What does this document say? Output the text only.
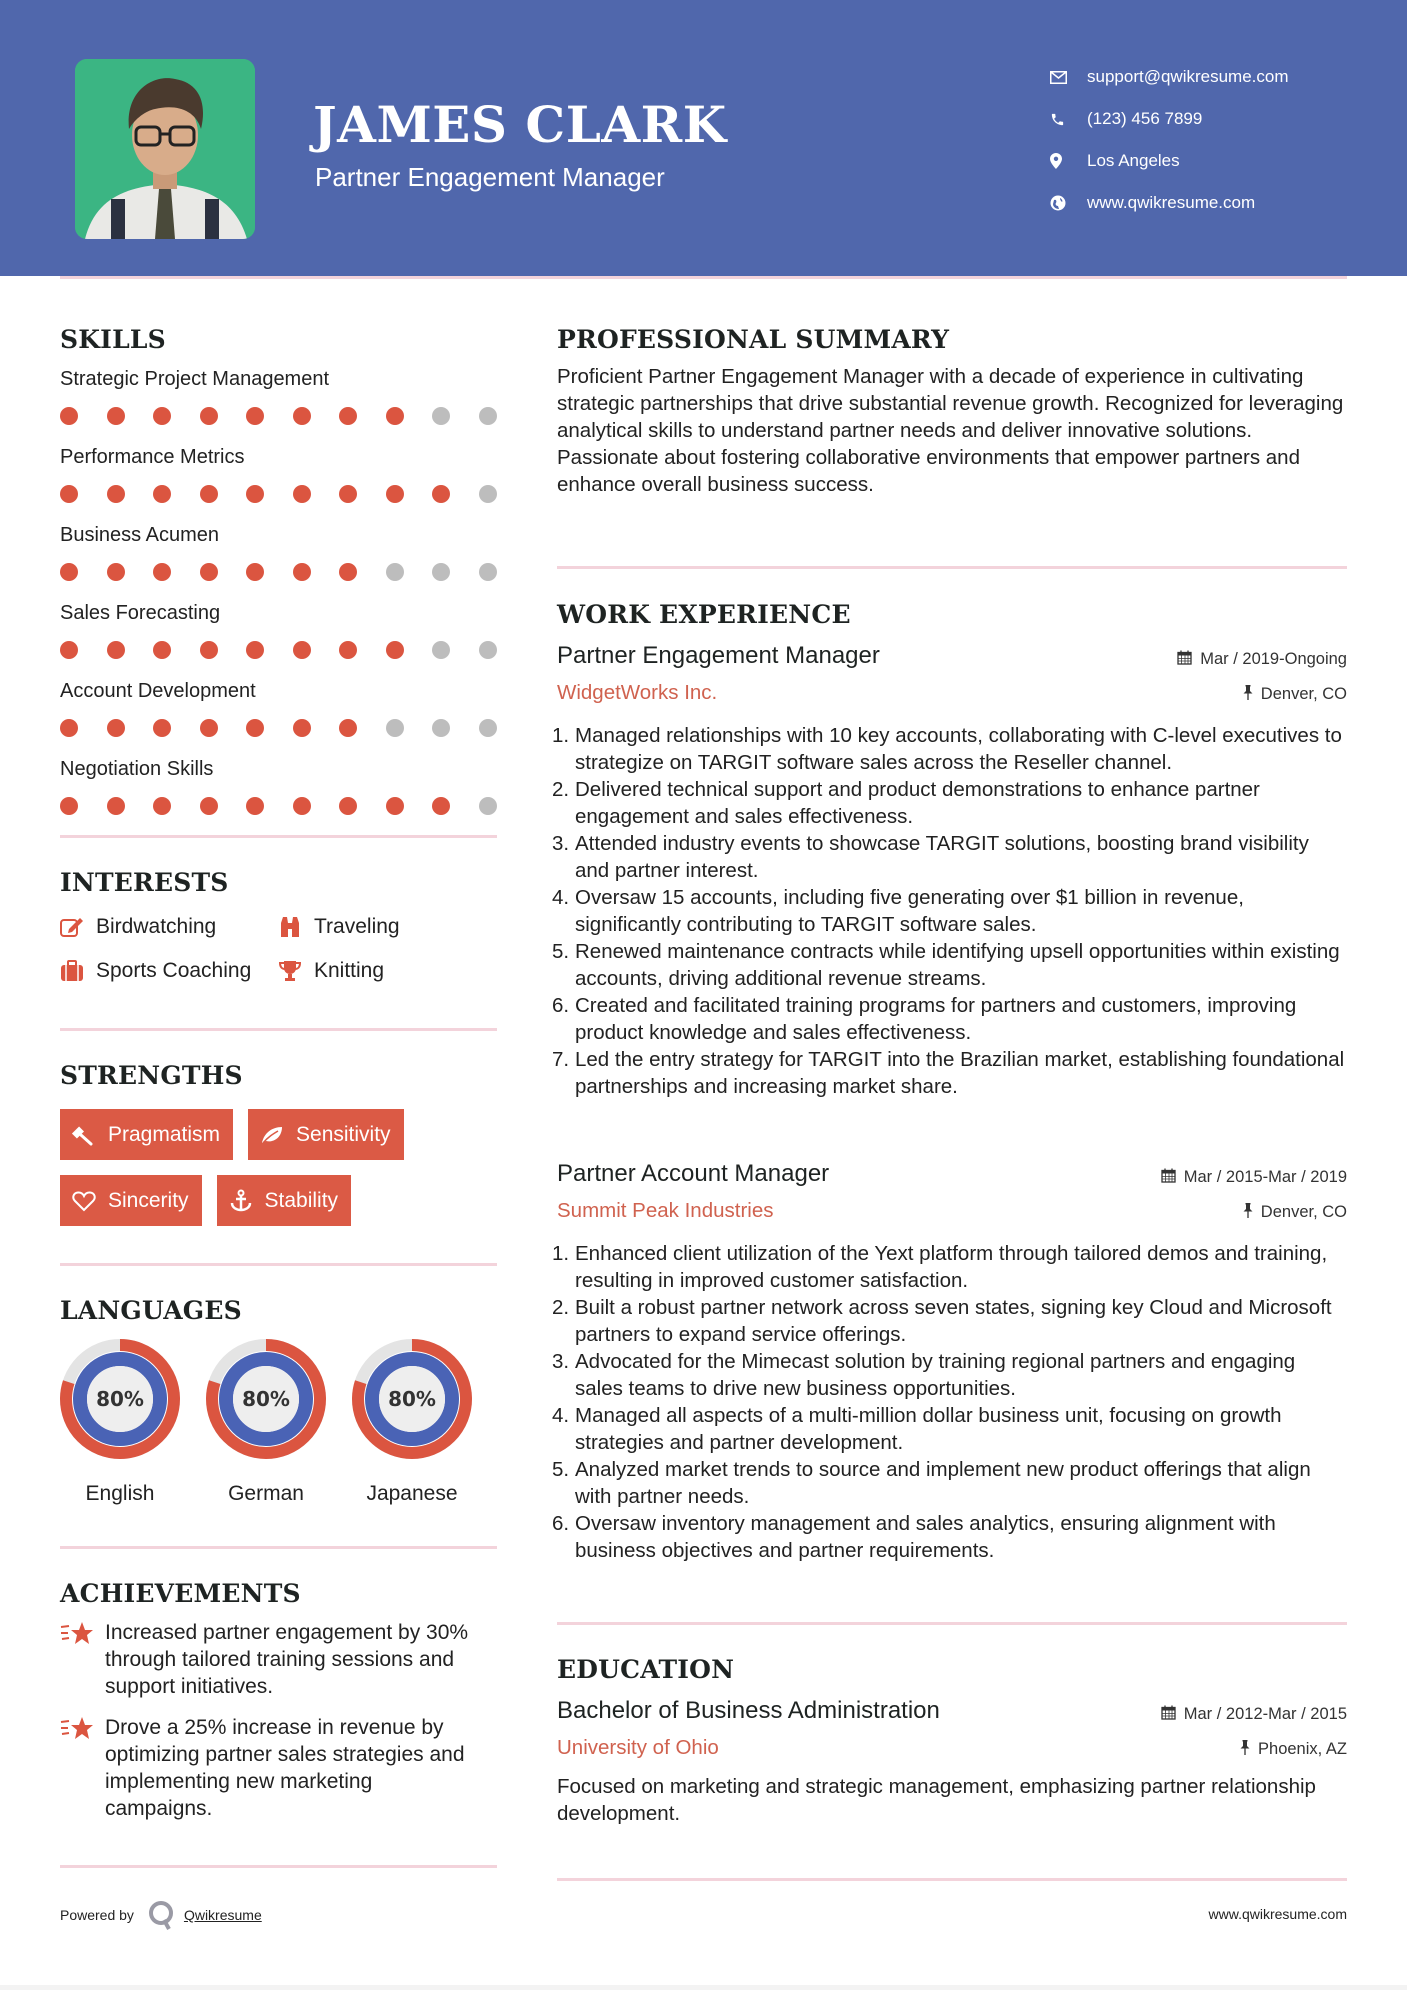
JAMES CLARK
Partner Engagement Manager
support@qwikresume.com
(123) 456 7899
Los Angeles
www.qwikresume.com
SKILLS
Strategic Project Management
Performance Metrics
Business Acumen
Sales Forecasting
Account Development
Negotiation Skills
INTERESTS
Birdwatching	Traveling
Sports Coaching	Knitting
STRENGTHS
Pragmatism	Sensitivity
Sincerity	Stability
LANGUAGES
80%
English
80%
German
80%
Japanese
ACHIEVEMENTS
Increased partner engagement by 30% through tailored training sessions and support initiatives.
Drove a 25% increase in revenue by optimizing partner sales strategies and implementing new marketing campaigns.
PROFESSIONAL SUMMARY

Proficient Partner Engagement Manager with a decade of experience in cultivating strategic partnerships that drive substantial revenue growth. Recognized for leveraging analytical skills to understand partner needs and deliver innovative solutions. Passionate about fostering collaborative environments that empower partners and enhance overall business success.

WORK EXPERIENCE
Partner Engagement Manager	Mar / 2019-Ongoing
WidgetWorks Inc.	Denver, CO
Managed relationships with 10 key accounts, collaborating with C-level executives to strategize on TARGIT software sales across the Reseller channel.
Delivered technical support and product demonstrations to enhance partner engagement and sales effectiveness.
Attended industry events to showcase TARGIT solutions, boosting brand visibility and partner interest.
Oversaw 15 accounts, including five generating over $1 billion in revenue, significantly contributing to TARGIT software sales.
Renewed maintenance contracts while identifying upsell opportunities within existing accounts, driving additional revenue streams.
Created and facilitated training programs for partners and customers, improving product knowledge and sales effectiveness.
Led the entry strategy for TARGIT into the Brazilian market, establishing foundational partnerships and increasing market share.
Partner Account Manager	Mar / 2015-Mar / 2019
Summit Peak Industries	Denver, CO
Enhanced client utilization of the Yext platform through tailored demos and training, resulting in improved customer satisfaction.
Built a robust partner network across seven states, signing key Cloud and Microsoft partners to expand service offerings.
Advocated for the Mimecast solution by training regional partners and engaging sales teams to drive new business opportunities.
Managed all aspects of a multi-million dollar business unit, focusing on growth strategies and partner development.
Analyzed market trends to source and implement new product offerings that align with partner needs.
Oversaw inventory management and sales analytics, ensuring alignment with business objectives and partner requirements.
EDUCATION
Bachelor of Business Administration	Mar / 2012-Mar / 2015
University of Ohio	Phoenix, AZ

Focused on marketing and strategic management, emphasizing partner relationship development.

Powered by	Qwikresume	www.qwikresume.com
